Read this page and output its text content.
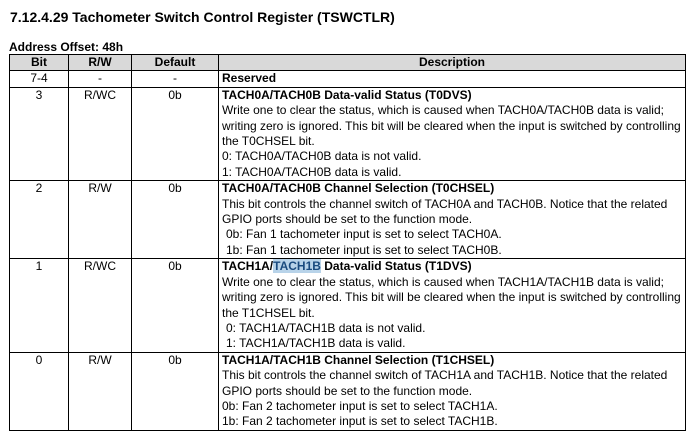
7.12.4.29 Tachometer Switch Control Register (TSWCTLR)
Address Offset: 48h
Bit	R/W	Default	Description
7-4	-	-	Reserved

3	R/WC	0b	TACH0A/TACH0B Data-valid Status (T0DVS)
Write one to clear the status, which is caused when TACH0A/TACH0B data is valid; writing zero is ignored. This bit will be cleared when the input is switched by controlling the T0CHSEL bit.
0: TACH0A/TACH0B data is not valid.
1: TACH0A/TACH0B data is valid.

2	R/W	0b	TACH0A/TACH0B Channel Selection (T0CHSEL)
This bit controls the channel switch of TACH0A and TACH0B. Notice that the related GPIO ports should be set to the function mode.
0b: Fan 1 tachometer input is set to select TACH0A.
1b: Fan 1 tachometer input is set to select TACH0B.

1	R/WC	0b	TACH1A/TACH1B Data-valid Status (T1DVS)
Write one to clear the status, which is caused when TACH1A/TACH1B data is valid; writing zero is ignored. This bit will be cleared when the input is switched by controlling the T1CHSEL bit.
0: TACH1A/TACH1B data is not valid.
1: TACH1A/TACH1B data is valid.

0	R/W	0b	TACH1A/TACH1B Channel Selection (T1CHSEL)
This bit controls the channel switch of TACH1A and TACH1B. Notice that the related GPIO ports should be set to the function mode.
0b: Fan 2 tachometer input is set to select TACH1A.
1b: Fan 2 tachometer input is set to select TACH1B.
